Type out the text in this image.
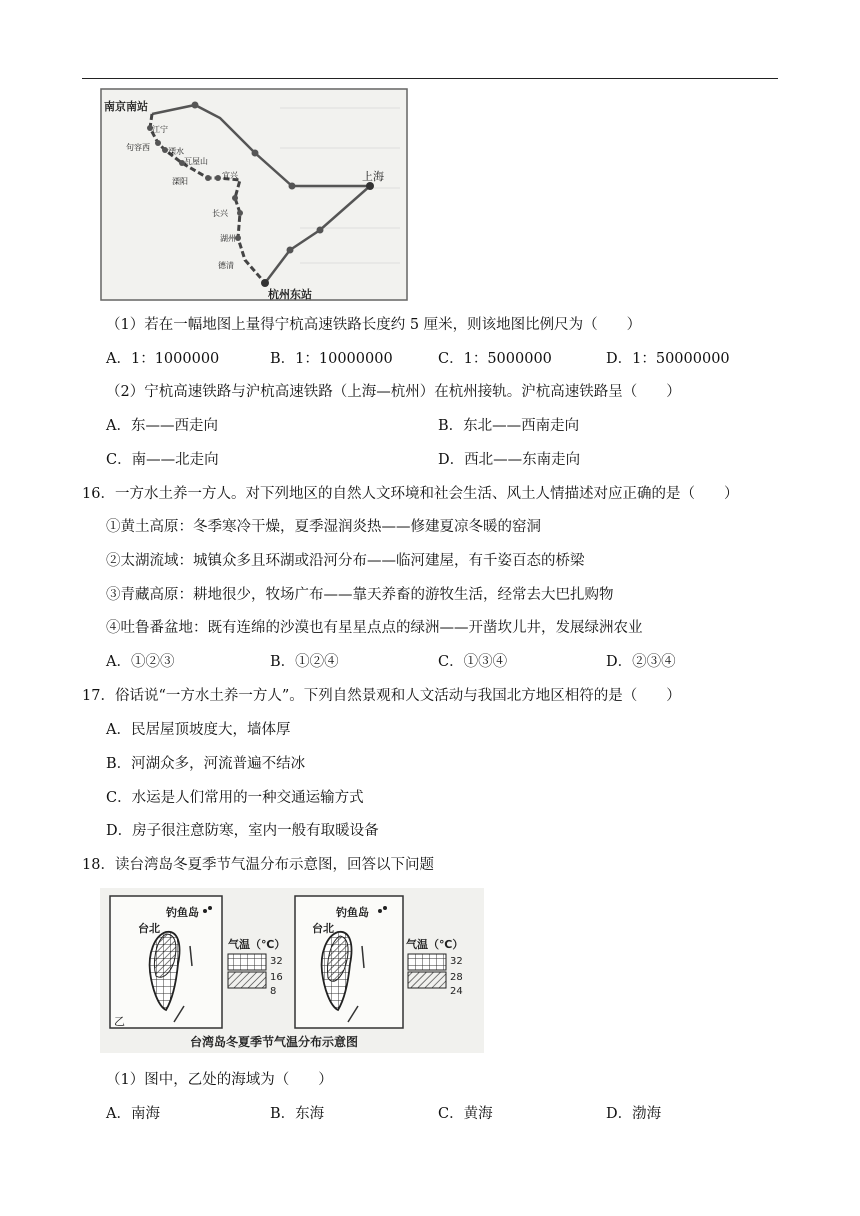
南京南站
江宁
句容西 溧水
瓦屋山
溧阳
宜兴
长兴
湖州
德清
杭州东站
上海
（1）若在一幅地图上量得宁杭高速铁路长度约 5 厘米，则该地图比例尺为（　　）
A．1：1000000	B．1：10000000	C．1：5000000	D．1：50000000
（2）宁杭高速铁路与沪杭高速铁路（上海—杭州）在杭州接轨。沪杭高速铁路呈（　　）
A．东——西走向	B．东北——西南走向
C．南——北走向	D．西北——东南走向
16．一方水土养一方人。对下列地区的自然人文环境和社会生活、风土人情描述对应正确的是（　　）
①黄土高原：冬季寒冷干燥，夏季湿润炎热——修建夏凉冬暖的窑洞
②太湖流域：城镇众多且环湖或沿河分布——临河建屋，有千姿百态的桥梁
③青藏高原：耕地很少，牧场广布——靠天养畜的游牧生活，经常去大巴扎购物
④吐鲁番盆地：既有连绵的沙漠也有星星点点的绿洲——开凿坎儿井，发展绿洲农业
A．①②③	B．①②④	C．①③④	D．②③④
17．俗话说“一方水土养一方人”。下列自然景观和人文活动与我国北方地区相符的是（　　）
A．民居屋顶坡度大，墙体厚
B．河湖众多，河流普遍不结冰
C．水运是人们常用的一种交通运输方式
D．房子很注意防寒，室内一般有取暖设备
18．读台湾岛冬夏季节气温分布示意图，回答以下问题
钓鱼岛
台北
乙
气温（℃）
32
16
8
钓鱼岛
台北
气温（℃）
32
28
24
台湾岛冬夏季节气温分布示意图
（1）图中，乙处的海域为（　　）
A．南海	B．东海	C．黄海	D．渤海
